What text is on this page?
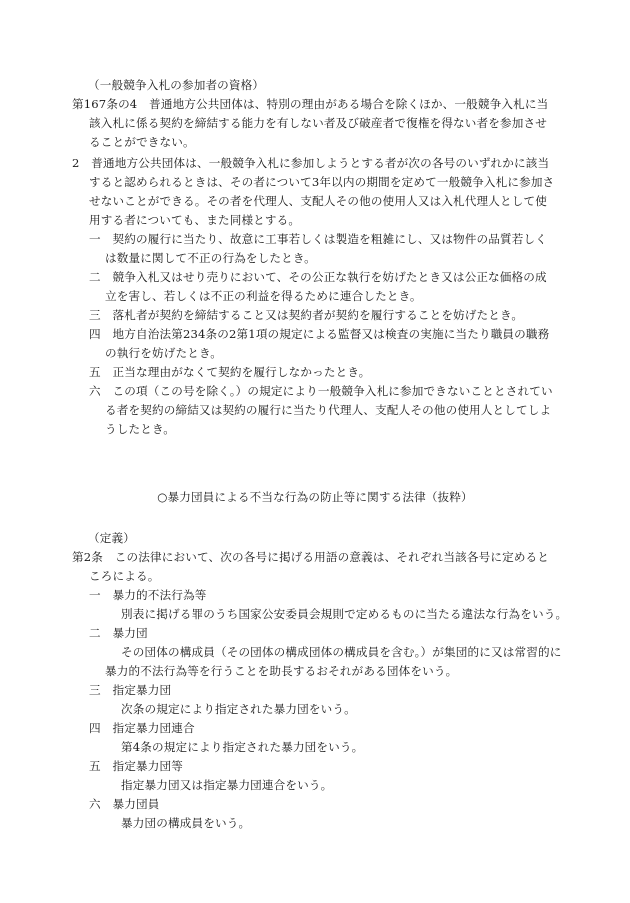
（一般競争入札の参加者の資格）
第167条の4　普通地方公共団体は、特別の理由がある場合を除くほか、一般競争入札に当
該入札に係る契約を締結する能力を有しない者及び破産者で復権を得ない者を参加させ
ることができない。
2　普通地方公共団体は、一般競争入札に参加しようとする者が次の各号のいずれかに該当
すると認められるときは、その者について3年以内の期間を定めて一般競争入札に参加さ
せないことができる。その者を代理人、支配人その他の使用人又は入札代理人として使
用する者についても、また同様とする。
一　契約の履行に当たり、故意に工事若しくは製造を粗雑にし、又は物件の品質若しく
は数量に関して不正の行為をしたとき。
二　競争入札又はせり売りにおいて、その公正な執行を妨げたとき又は公正な価格の成
立を害し、若しくは不正の利益を得るために連合したとき。
三　落札者が契約を締結すること又は契約者が契約を履行することを妨げたとき。
四　地方自治法第234条の2第1項の規定による監督又は検査の実施に当たり職員の職務
の執行を妨げたとき。
五　正当な理由がなくて契約を履行しなかったとき。
六　この項（この号を除く。）の規定により一般競争入札に参加できないこととされてい
る者を契約の締結又は契約の履行に当たり代理人、支配人その他の使用人としてしよ
うしたとき。
○暴力団員による不当な行為の防止等に関する法律（抜粋）
（定義）
第2条　この法律において、次の各号に掲げる用語の意義は、それぞれ当該各号に定めると
ころによる。
一　暴力的不法行為等
別表に掲げる罪のうち国家公安委員会規則で定めるものに当たる違法な行為をいう。
二　暴力団
その団体の構成員（その団体の構成団体の構成員を含む。）が集団的に又は常習的に
暴力的不法行為等を行うことを助長するおそれがある団体をいう。
三　指定暴力団
次条の規定により指定された暴力団をいう。
四　指定暴力団連合
第4条の規定により指定された暴力団をいう。
五　指定暴力団等
指定暴力団又は指定暴力団連合をいう。
六　暴力団員
暴力団の構成員をいう。
